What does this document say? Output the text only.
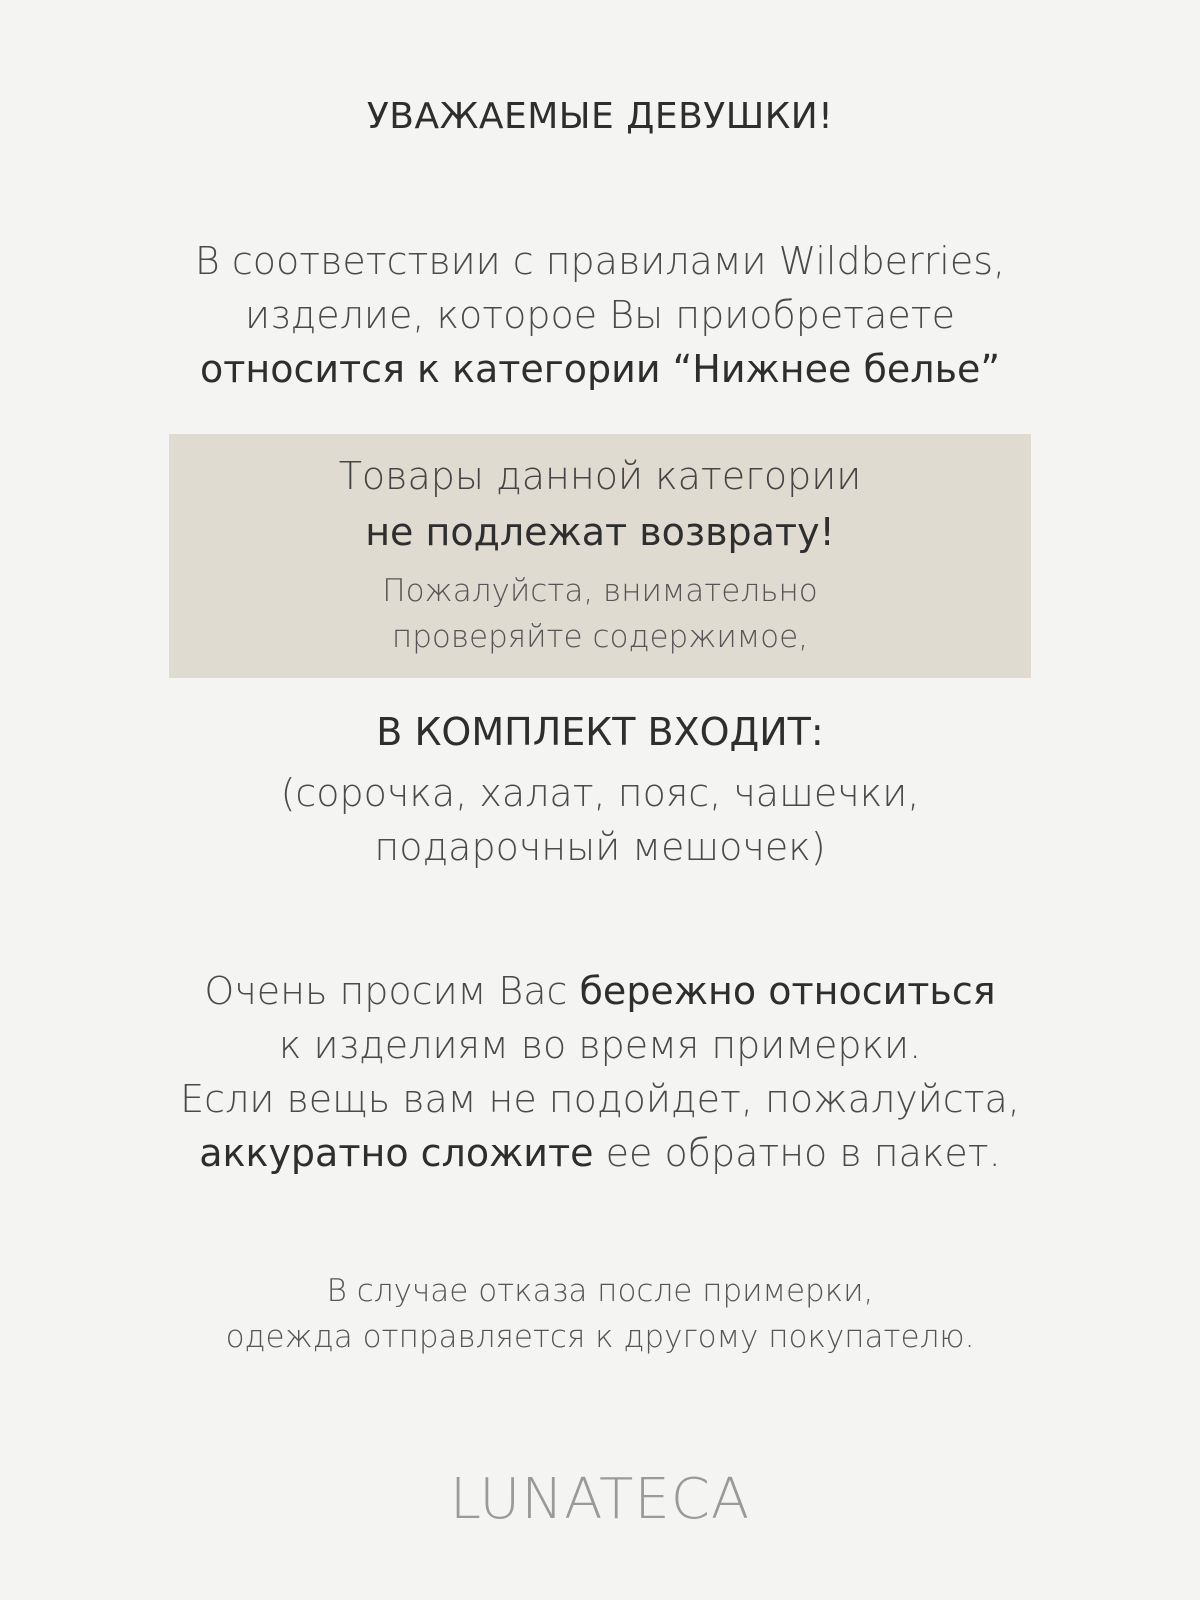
УВАЖАЕМЫЕ ДЕВУШКИ!
В соответствии с правилами Wildberries,
изделие, которое Вы приобретаете
относится к категории “Нижнее белье”
Товары данной категории
не подлежат возврату!
Пожалуйста, внимательно
проверяйте содержимое,
В КОМПЛЕКТ ВХОДИТ:
(сорочка, халат, пояс, чашечки,
подарочный мешочек)
Очень просим Вас бережно относиться
к изделиям во время примерки.
Если вещь вам не подойдет, пожалуйста,
аккуратно сложите ее обратно в пакет.
В случае отказа после примерки,
одежда отправляется к другому покупателю.
LUNATECA
